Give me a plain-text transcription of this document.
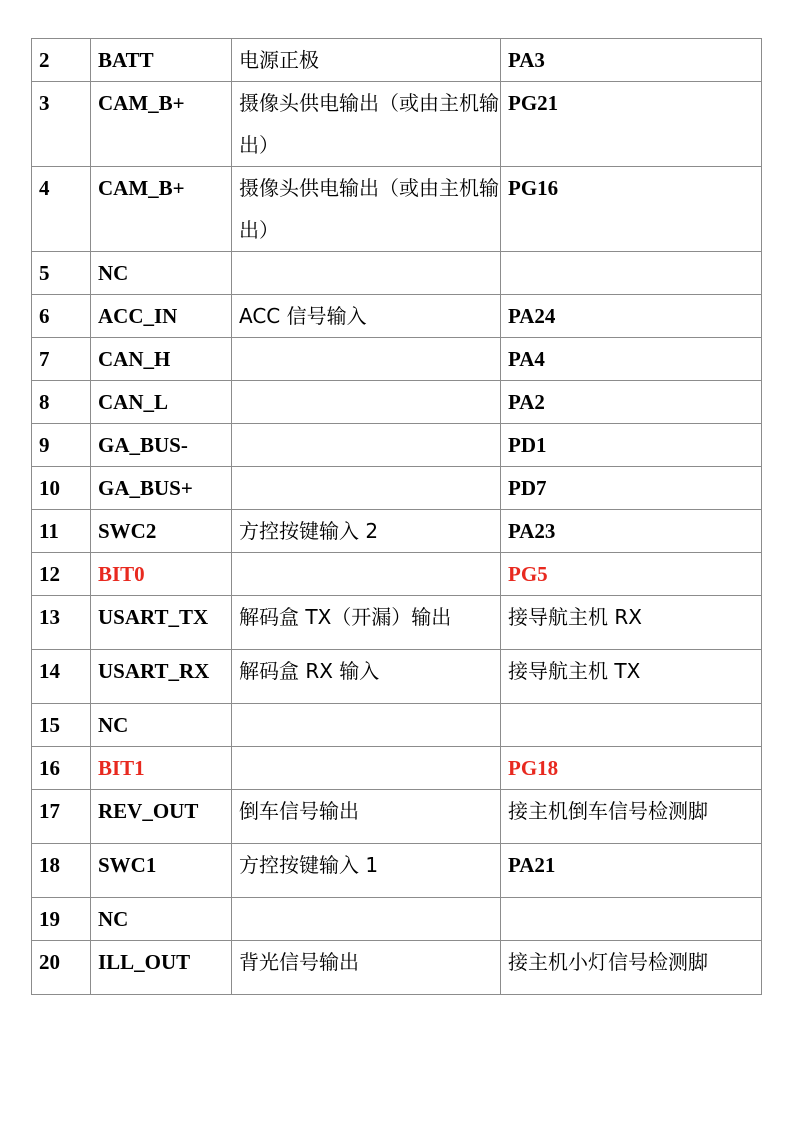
2	BATT	电源正极	PA3
3	CAM_B+	摄像头供电输出（或由主机输出）	PG21
4	CAM_B+	摄像头供电输出（或由主机输出）	PG16
5	NC		
6	ACC_IN	ACC 信号输入	PA24
7	CAN_H		PA4
8	CAN_L		PA2
9	GA_BUS-		PD1
10	GA_BUS+		PD7
11	SWC2	方控按键输入 2	PA23
12	BIT0		PG5
13	USART_TX	解码盒 TX（开漏）输出	接导航主机 RX
14	USART_RX	解码盒 RX 输入	接导航主机 TX
15	NC		
16	BIT1		PG18
17	REV_OUT	倒车信号输出	接主机倒车信号检测脚
18	SWC1	方控按键输入 1	PA21
19	NC		
20	ILL_OUT	背光信号输出	接主机小灯信号检测脚
